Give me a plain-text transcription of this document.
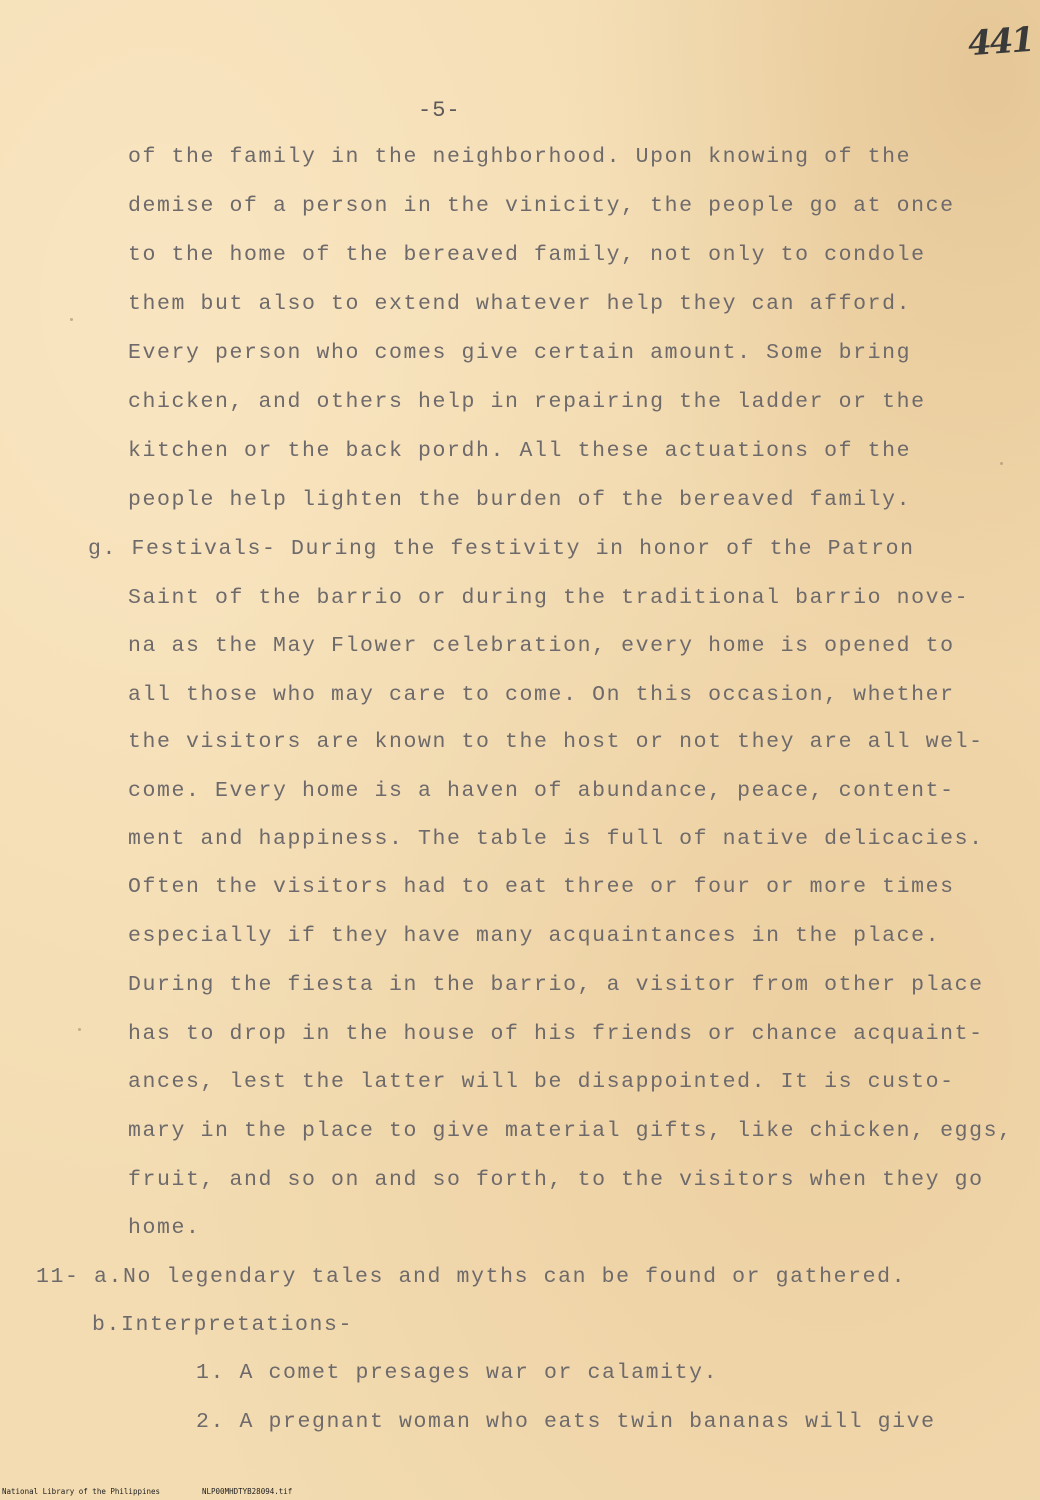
441
-5-
of the family in the neighborhood. Upon knowing of the
demise of a person in the vinicity, the people go at once
to the home of the bereaved family, not only to condole
them but also to extend whatever help they can afford.
Every person who comes give certain amount. Some bring
chicken, and others help in repairing the ladder or the
kitchen or the back pordh. All these actuations of the
people help lighten the burden of the bereaved family.
g. Festivals- During the festivity in honor of the Patron
Saint of the barrio or during the traditional barrio nove-
na as the May Flower celebration, every home is opened to
all those who may care to come. On this occasion, whether
the visitors are known to the host or not they are all wel-
come. Every home is a haven of abundance, peace, content-
ment and happiness. The table is full of native delicacies.
Often the visitors had to eat three or four or more times
especially if they have many acquaintances in the place.
During the fiesta in the barrio, a visitor from other place
has to drop in the house of his friends or chance acquaint-
ances, lest the latter will be disappointed. It is custo-
mary in the place to give material gifts, like chicken, eggs,
fruit, and so on and so forth, to the visitors when they go
home.
11- a.No legendary tales and myths can be found or gathered.
b.Interpretations-
1. A comet presages war or calamity.
2. A pregnant woman who eats twin bananas will give
National Library of the Philippines	NLP00MHDTYB28094.tif
